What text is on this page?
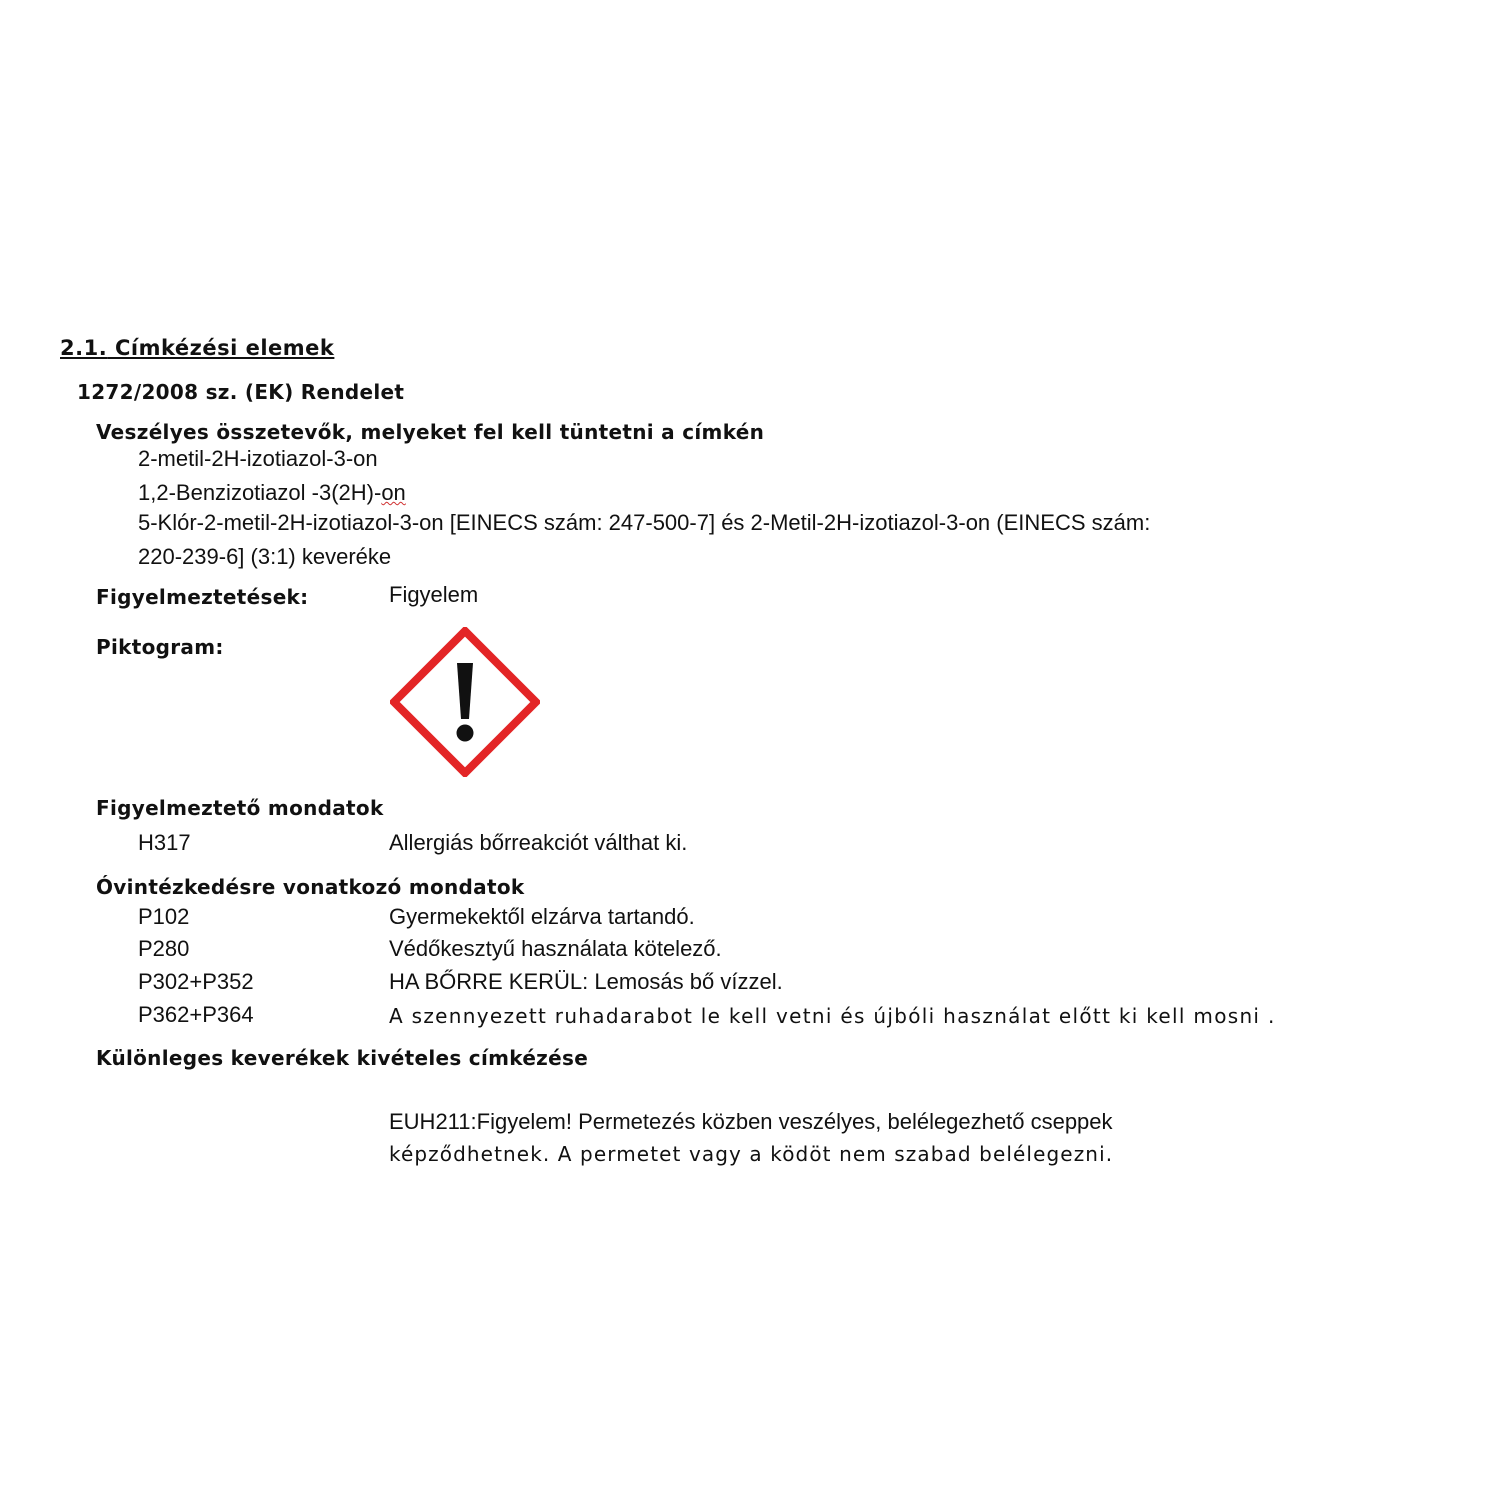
2.1. Címkézési elemek
1272/2008 sz. (EK) Rendelet
Veszélyes összetevők, melyeket fel kell tüntetni a címkén
2-metil-2H-izotiazol-3-on
1,2-Benzizotiazol -3(2H)-on
5-Klór-2-metil-2H-izotiazol-3-on [EINECS szám: 247-500-7] és 2-Metil-2H-izotiazol-3-on (EINECS szám:
220-239-6] (3:1) keveréke
Figyelmeztetések:	Figyelem
Piktogram:
Figyelmeztető mondatok
H317	Allergiás bőrreakciót válthat ki.
Óvintézkedésre vonatkozó mondatok
P102	Gyermekektől elzárva tartandó.
P280	Védőkesztyű használata kötelező.
P302+P352	HA BŐRRE KERÜL: Lemosás bő vízzel.
P362+P364	A szennyezett ruhadarabot le kell vetni és újbóli használat előtt ki kell mosni .
Különleges keverékek kivételes címkézése
EUH211:Figyelem! Permetezés közben veszélyes, belélegezhető cseppek
képződhetnek. A permetet vagy a ködöt nem szabad belélegezni.
